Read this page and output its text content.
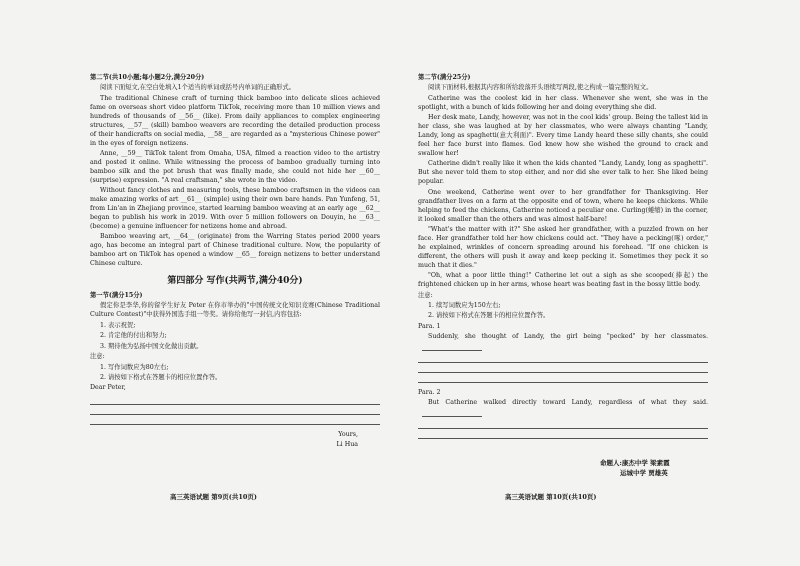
第二节(共10小题;每小题2分,满分20分)
阅读下面短文,在空白处填入1个适当的单词或括号内单词的正确形式。
The traditional Chinese craft of turning thick bamboo into delicate slices achieved fame on overseas short video platform TikTok, receiving more than 10 million views and hundreds of thousands of __56__ (like). From daily appliances to complex engineering structures, __57__ (skill) bamboo weavers are recording the detailed production process of their handicrafts on social media, __58__ are regarded as a "mysterious Chinese power" in the eyes of foreign netizens.
Anne, __59__ TikTok talent from Omaha, USA, filmed a reaction video to the artistry and posted it online. While witnessing the process of bamboo gradually turning into bamboo silk and the pot brush that was finally made, she could not hide her __60__ (surprise) expression. "A real craftsman," she wrote in the video.
Without fancy clothes and measuring tools, these bamboo craftsmen in the videos can make amazing works of art __61__ (simple) using their own bare hands. Pan Yunfeng, 51, from Lin'an in Zhejiang province, started learning bamboo weaving at an early age __62__ began to publish his work in 2019. With over 5 million followers on Douyin, he __63__ (become) a genuine influencer for netizens home and abroad.
Bamboo weaving art, __64__ (originate) from the Warring States period 2000 years ago, has become an integral part of Chinese traditional culture. Now, the popularity of bamboo art on TikTok has opened a window __65__ foreign netizens to better understand Chinese culture.
第四部分 写作(共两节,满分40分)
第一节(满分15分)
假定你是李华,你的留学生好友 Peter 在你市举办的"中国传统文化知识竞赛(Chinese Traditional Culture Contest)"中获得外国选手组一等奖。请你给他写一封信,内容包括:
1. 表示祝贺;
2. 肯定他的付出和努力;
3. 期待他为弘扬中国文化做出贡献。
注意:
1. 写作词数应为80左右;
2. 请按如下格式在答题卡的相应位置作答。
Dear Peter,
Yours,
Li Hua
高三英语试题 第9页(共10页)
第二节(满分25分)
阅读下面材料,根据其内容和所给段落开头语续写两段,使之构成一篇完整的短文。
Catherine was the coolest kid in her class. Whenever she went, she was in the spotlight, with a bunch of kids following her and doing everything she did.
Her desk mate, Landy, however, was not in the cool kids' group. Being the tallest kid in her class, she was laughed at by her classmates, who were always chanting "Landy, Landy, long as spaghetti(意大利面)". Every time Landy heard these silly chants, she could feel her face burst into flames. God knew how she wished the ground to crack and swallow her!
Catherine didn't really like it when the kids chanted "Landy, Landy, long as spaghetti". But she never told them to stop either, and nor did she ever talk to her. She liked being popular.
One weekend, Catherine went over to her grandfather for Thanksgiving. Her grandfather lives on a farm at the opposite end of town, where he keeps chickens. While helping to feed the chickens, Catherine noticed a peculiar one. Curling(蜷缩) in the corner, it looked smaller than the others and was almost half-bare!
"What's the matter with it?" She asked her grandfather, with a puzzled frown on her face. Her grandfather told her how chickens could act. "They have a pecking(啄) order," he explained, wrinkles of concern spreading around his forehead. "If one chicken is different, the others will push it away and keep pecking it. Sometimes they peck it so much that it dies."
"Oh, what a poor little thing!" Catherine let out a sigh as she scooped(捧起) the frightened chicken up in her arms, whose heart was beating fast in the bossy little body.
注意:
1. 续写词数应为150左右;
2. 请按如下格式在答题卡的相应位置作答。
Para. 1
Suddenly, she thought of Landy, the girl being "pecked" by her classmates.
Para. 2
But Catherine walked directly toward Landy, regardless of what they said.
命题人:康杰中学 梁素霞
运城中学 贾雄英
高三英语试题 第10页(共10页)
